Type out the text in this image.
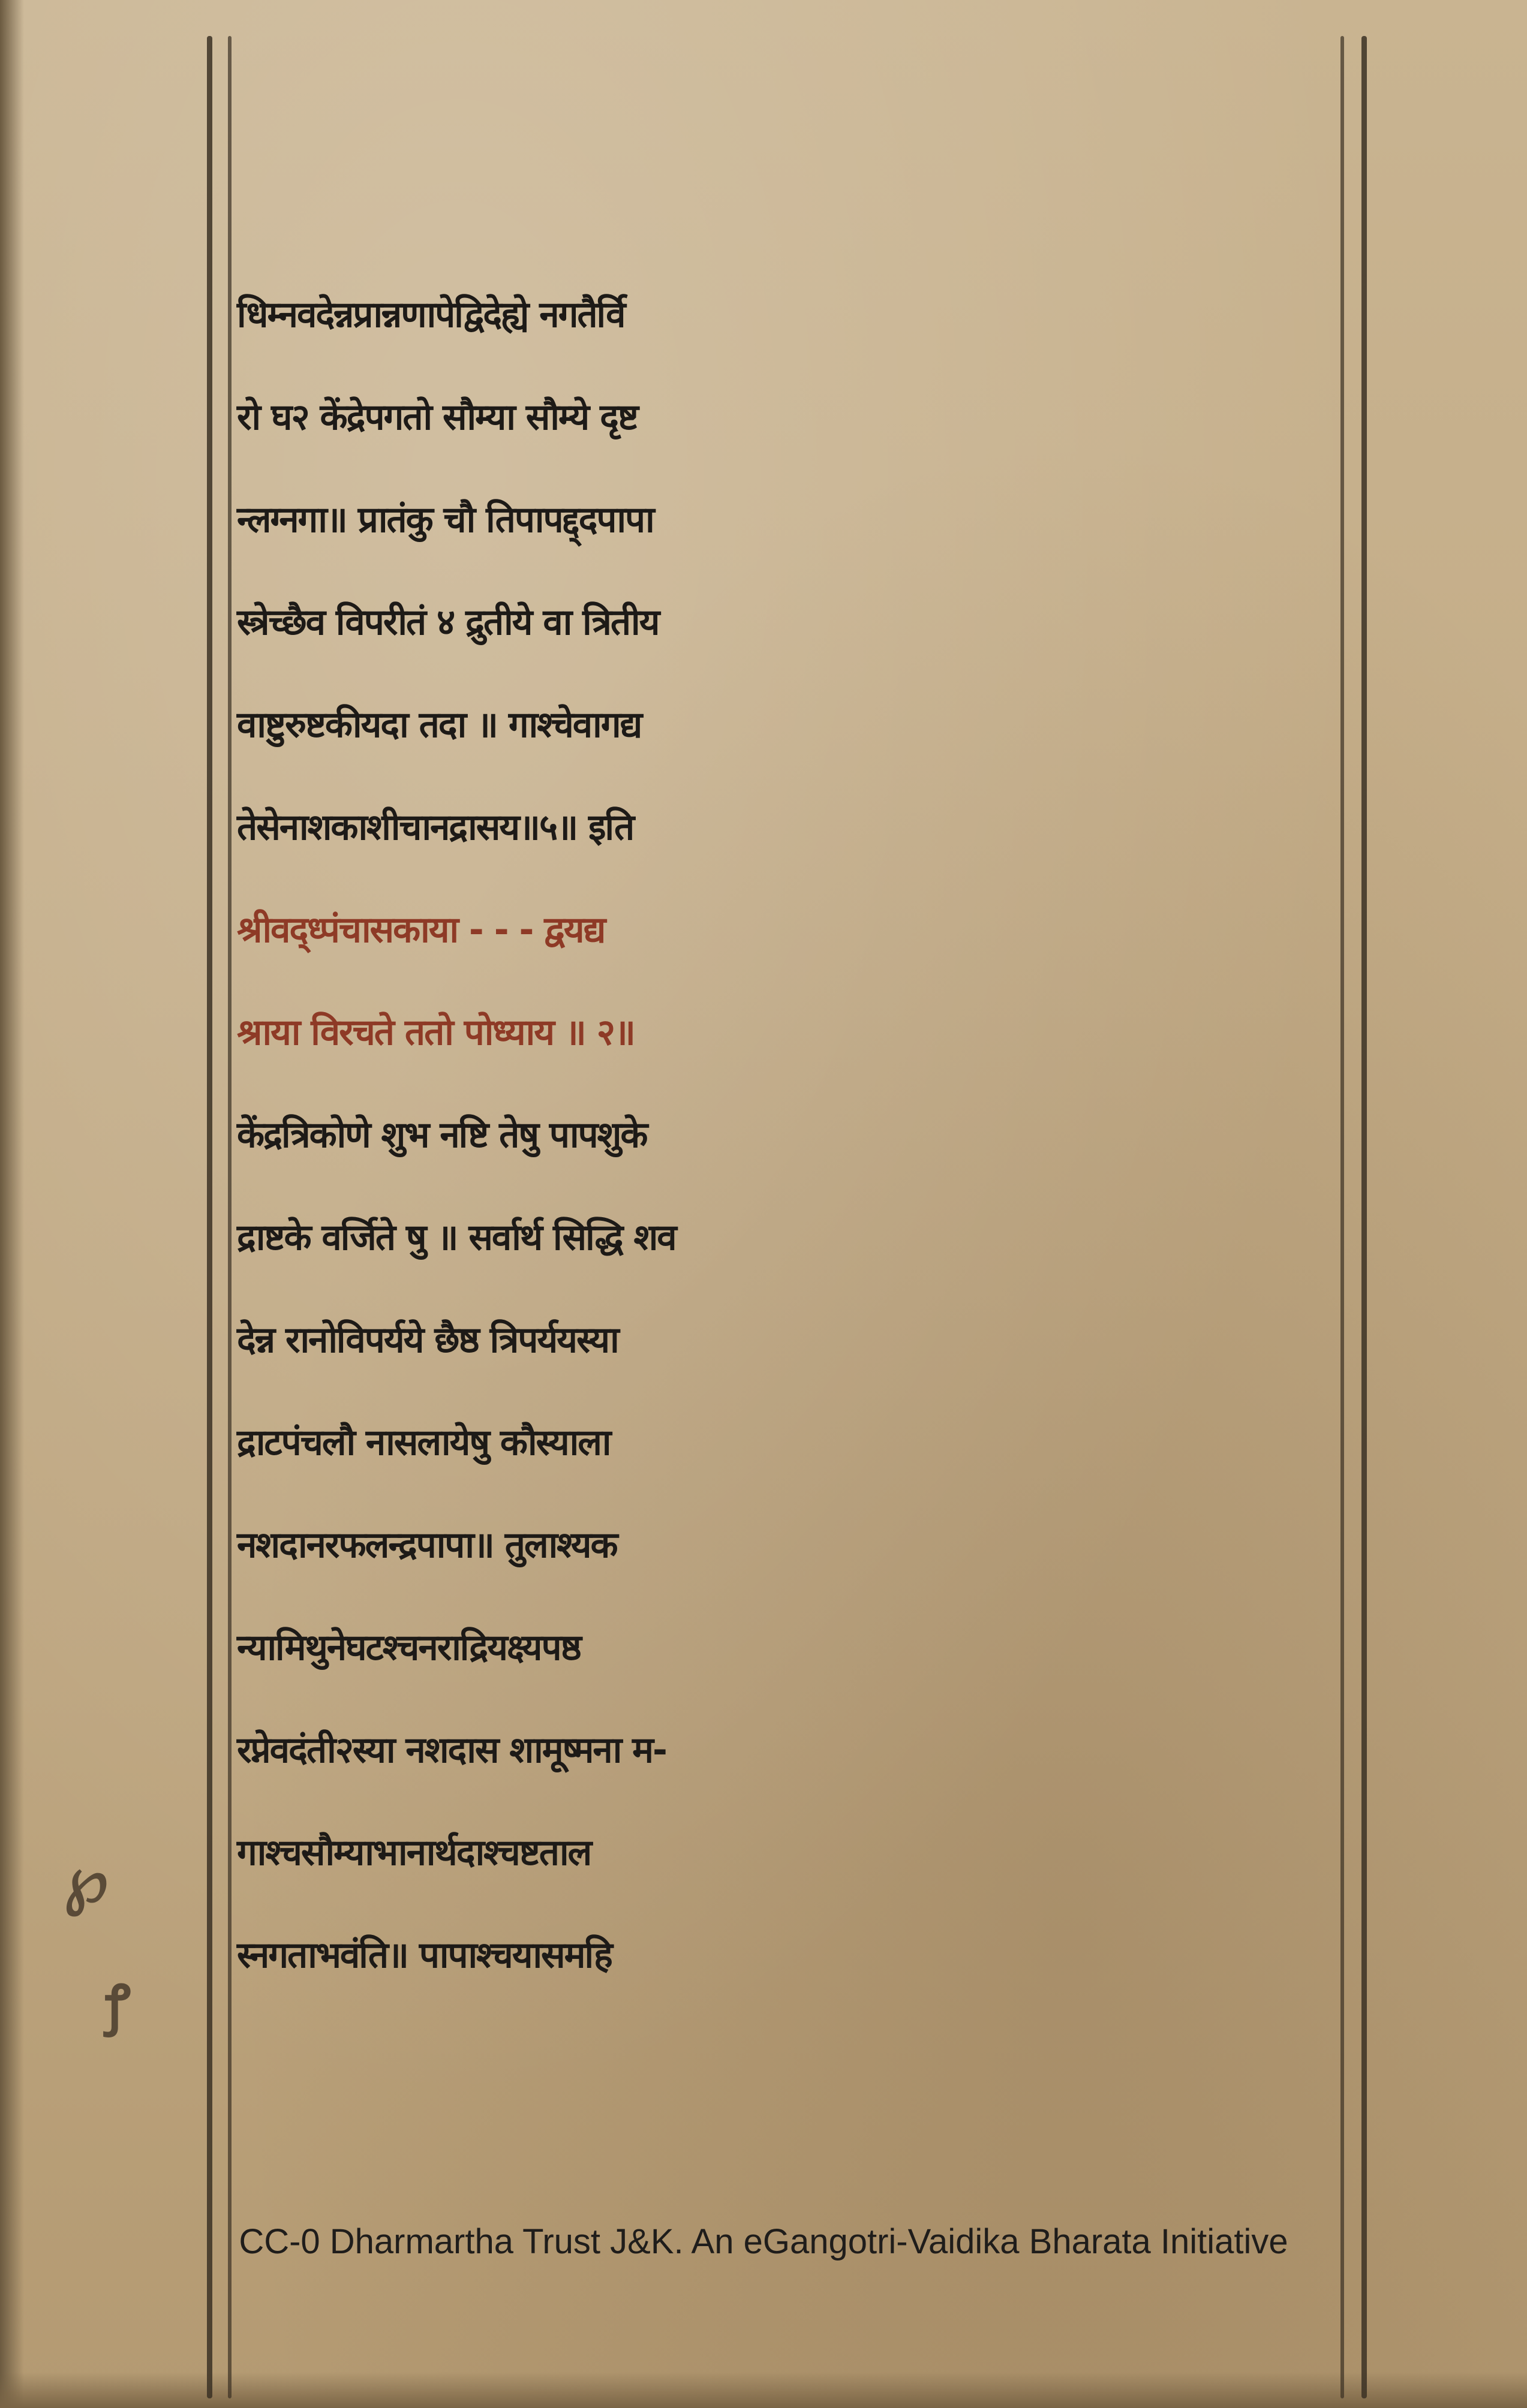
℘
ꝭ
धिम्नवदेन्नप्रान्नणापेद्विदेह्ये नगतैर्वि
रो घ२ केंद्रेपगतो सौम्या सौम्ये दृष्ट
न्लग्नगा॥ प्रातंकु चौ तिपापद्द्दपापा
स्त्रेच्छैव विपरीतं ४ द्रुतीये वा त्रितीय
वाष्टुरुष्टकीयदा तदा ॥ गाश्चेवागद्य
तेसेनाशकाशीचानद्रासय॥५॥ इति
श्रीवद्ध्पंचासकाया - - - द्वयद्य
श्राया विरचते ततो पोध्याय ॥ २॥
केंद्रत्रिकोणे शुभ नष्टि तेषु पापशुके
द्राष्टके वर्जिते षु ॥ सर्वार्थ सिद्धि शव
देन्न रानोविपर्यये छैष्ठ त्रिपर्ययस्या
द्राटपंचलौ नासलायेषु कौस्याला
नशदानरफलन्द्रपापा॥ तुलाश्यक
न्यामिथुनेघटश्चनराद्रियक्ष्यपष्ठ
रप्नेवदंती२स्या नशदास शामूष्मना म-
गाश्चसौम्याभानार्थदाश्चष्टताल
स्नगताभवंति॥ पापाश्चयासमहि
CC-0 Dharmartha Trust J&K. An eGangotri-Vaidika Bharata Initiative
